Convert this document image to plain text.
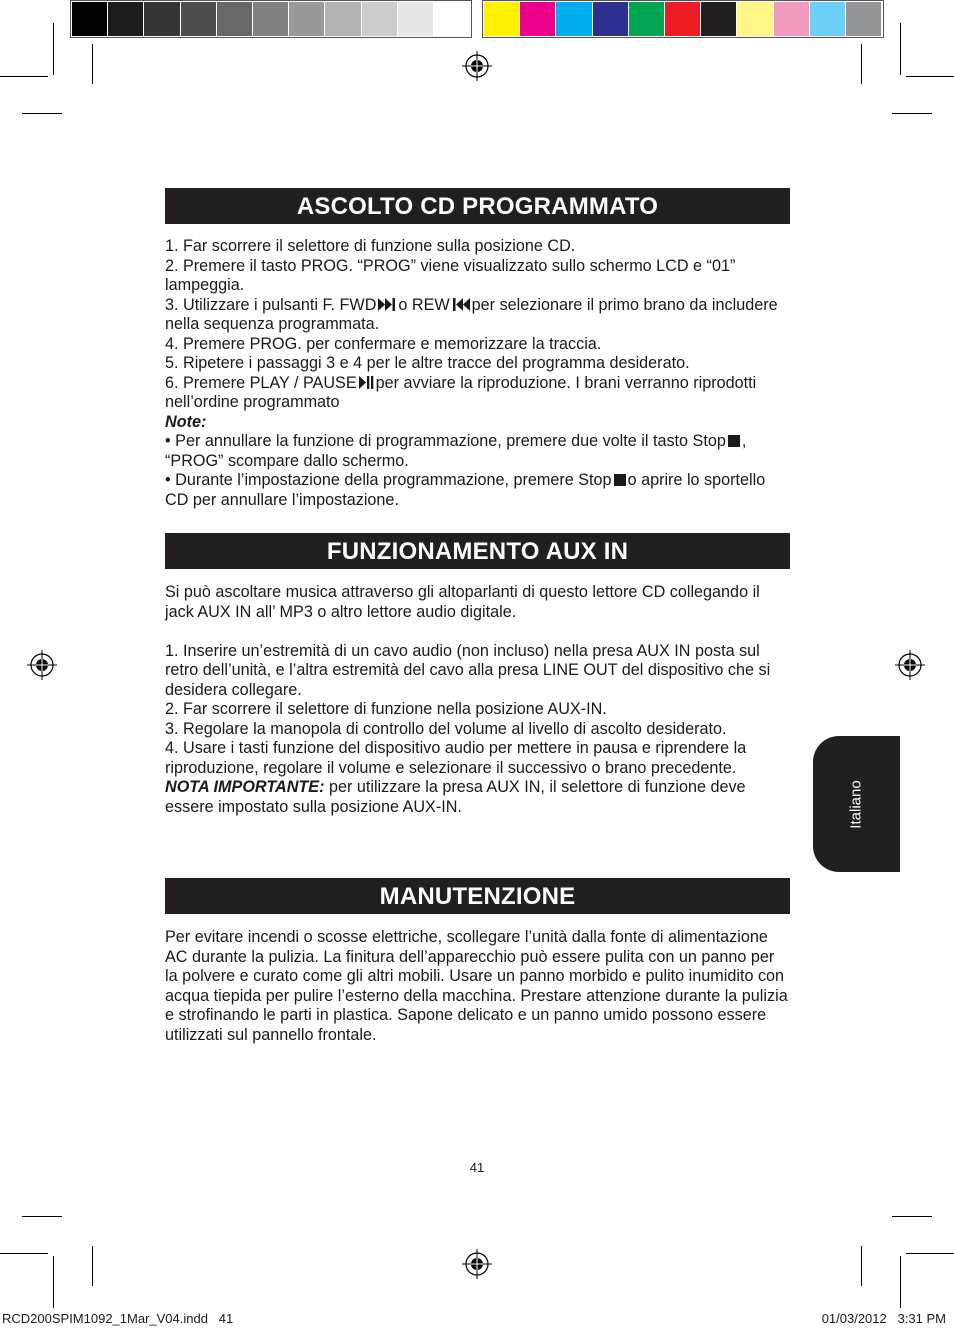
ASCOLTO CD PROGRAMMATO

1. Far scorrere il selettore di funzione sulla posizione CD.

2. Premere il tasto PROG. “PROG” viene visualizzato sullo schermo LCD e “01” lampeggia.

3. Utilizzare i pulsanti F. FWD o REW per selezionare il primo brano da includere nella sequenza programmata.

4. Premere PROG. per confermare e memorizzare la traccia.

5. Ripetere i passaggi 3 e 4 per le altre tracce del programma desiderato.

6. Premere PLAY / PAUSE per avviare la riproduzione. I brani verranno riprodotti nell’ordine programmato

Note:

• Per annullare la funzione di programmazione, premere due volte il tasto Stop , “PROG” scompare dallo schermo.

• Durante l’impostazione della programmazione, premere Stop o aprire lo sportello CD per annullare l’impostazione.

FUNZIONAMENTO AUX IN

Si può ascoltare musica attraverso gli altoparlanti di questo lettore CD collegando il jack AUX IN all’ MP3 o altro lettore audio digitale.

1. Inserire un’estremità di un cavo audio (non incluso) nella presa AUX IN posta sul retro dell’unità, e l’altra estremità del cavo alla presa LINE OUT del dispositivo che si desidera collegare.

2. Far scorrere il selettore di funzione nella posizione AUX-IN.

3. Regolare la manopola di controllo del volume al livello di ascolto desiderato.

4. Usare i tasti funzione del dispositivo audio per mettere in pausa e riprendere la riproduzione, regolare il volume e selezionare il successivo o brano precedente.

NOTA IMPORTANTE: per utilizzare la presa AUX IN, il selettore di funzione deve essere impostato sulla posizione AUX-IN.

MANUTENZIONE

Per evitare incendi o scosse elettriche, scollegare l’unità dalla fonte di alimentazione AC durante la pulizia. La finitura dell’apparecchio può essere pulita con un panno per la polvere e curato come gli altri mobili. Usare un panno morbido e pulito inumidito con acqua tiepida per pulire l’esterno della macchina. Prestare attenzione durante la pulizia e strofinando le parti in plastica. Sapone delicato e un panno umido possono essere utilizzati sul pannello frontale.

Italiano
41
RCD200SPIM1092_1Mar_V04.indd   41	01/03/2012   3:31 PM
